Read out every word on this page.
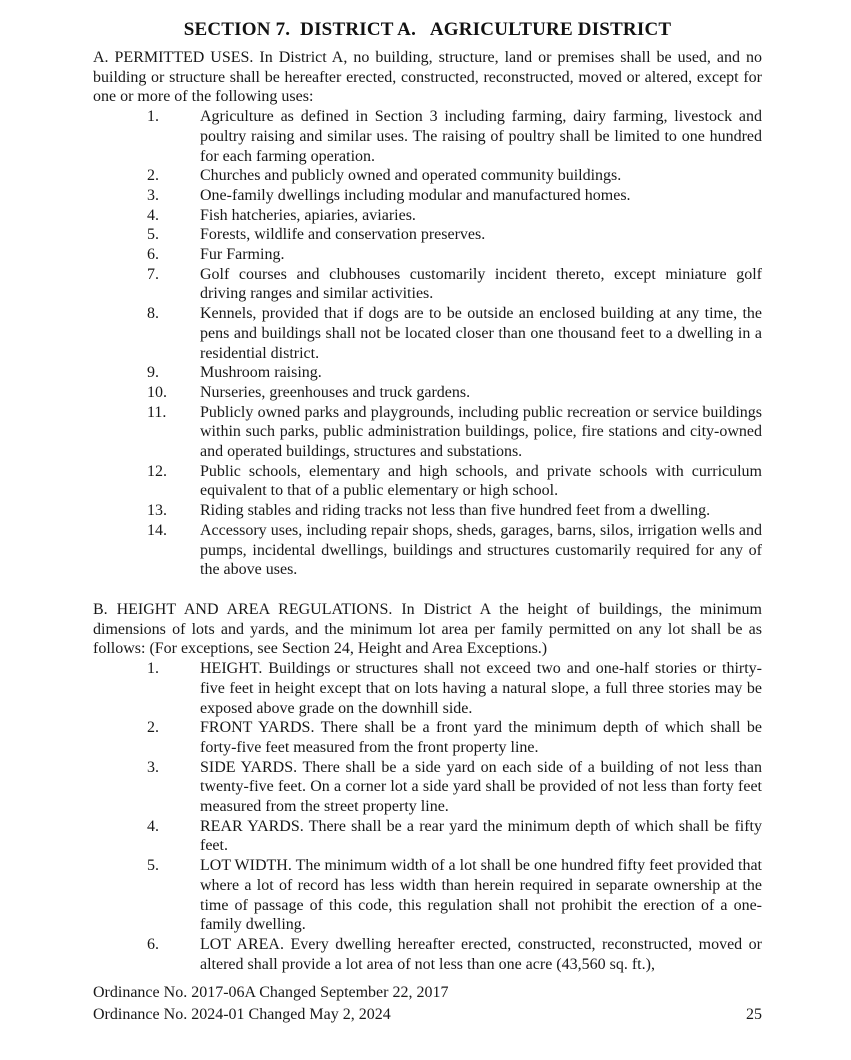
SECTION 7.  DISTRICT A.   AGRICULTURE DISTRICT

A. PERMITTED USES. In District A, no building, structure, land or premises shall be used, and no building or structure shall be hereafter erected, constructed, reconstructed, moved or altered, except for one or more of the following uses:

1.	Agriculture as defined in Section 3 including farming, dairy farming, livestock and poultry raising and similar uses. The raising of poultry shall be limited to one hundred for each farming operation.
2.	Churches and publicly owned and operated community buildings.
3.	One-family dwellings including modular and manufactured homes.
4.	Fish hatcheries, apiaries, aviaries.
5.	Forests, wildlife and conservation preserves.
6.	Fur Farming.
7.	Golf courses and clubhouses customarily incident thereto, except miniature golf driving ranges and similar activities.
8.	Kennels, provided that if dogs are to be outside an enclosed building at any time, the pens and buildings shall not be located closer than one thousand feet to a dwelling in a residential district.
9.	Mushroom raising.
10.	Nurseries, greenhouses and truck gardens.
11.	Publicly owned parks and playgrounds, including public recreation or service buildings within such parks, public administration buildings, police, fire stations and city-owned and operated buildings, structures and substations.
12.	Public schools, elementary and high schools, and private schools with curriculum equivalent to that of a public elementary or high school.
13.	Riding stables and riding tracks not less than five hundred feet from a dwelling.
14.	Accessory uses, including repair shops, sheds, garages, barns, silos, irrigation wells and pumps, incidental dwellings, buildings and structures customarily required for any of the above uses.

B. HEIGHT AND AREA REGULATIONS. In District A the height of buildings, the minimum dimensions of lots and yards, and the minimum lot area per family permitted on any lot shall be as follows: (For exceptions, see Section 24, Height and Area Exceptions.)

1.	HEIGHT. Buildings or structures shall not exceed two and one-half stories or thirty-five feet in height except that on lots having a natural slope, a full three stories may be exposed above grade on the downhill side.
2.	FRONT YARDS. There shall be a front yard the minimum depth of which shall be forty-five feet measured from the front property line.
3.	SIDE YARDS. There shall be a side yard on each side of a building of not less than twenty-five feet. On a corner lot a side yard shall be provided of not less than forty feet measured from the street property line.
4.	REAR YARDS. There shall be a rear yard the minimum depth of which shall be fifty feet.
5.	LOT WIDTH. The minimum width of a lot shall be one hundred fifty feet provided that where a lot of record has less width than herein required in separate ownership at the time of passage of this code, this regulation shall not prohibit the erection of a one-family dwelling.
6.	LOT AREA. Every dwelling hereafter erected, constructed, reconstructed, moved or altered shall provide a lot area of not less than one acre (43,560 sq. ft.),
Ordinance No. 2017-06A Changed September 22, 2017
Ordinance No. 2024-01 Changed May 2, 2024	25
